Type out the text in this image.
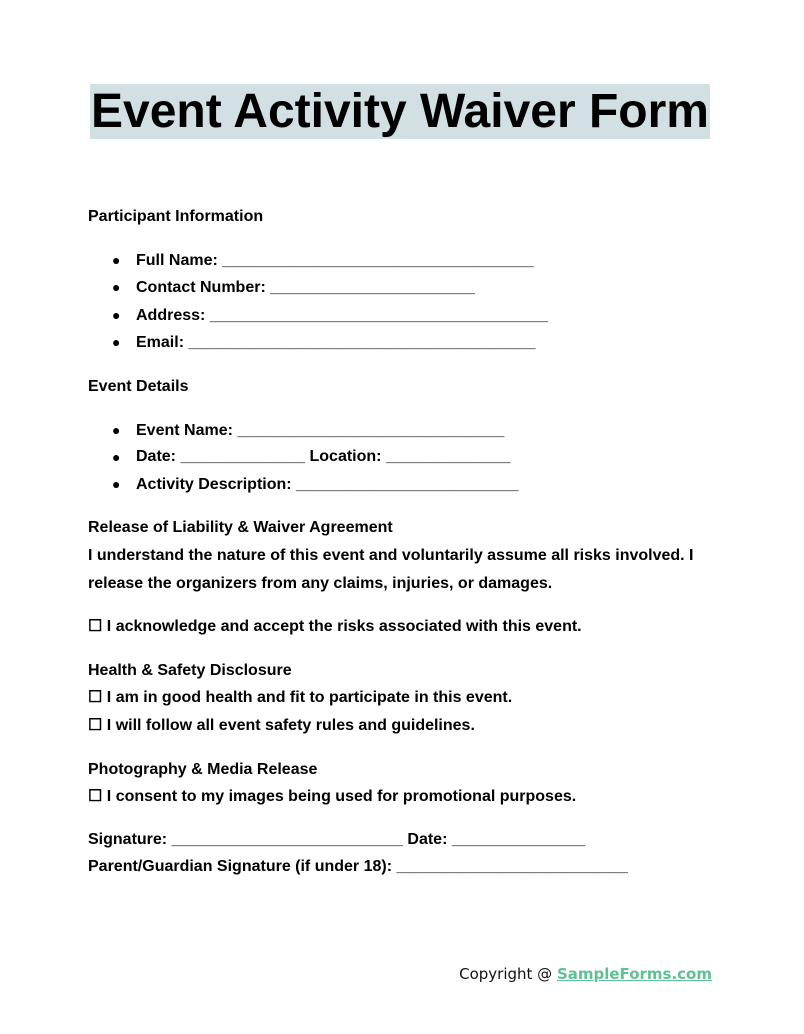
Event Activity Waiver Form
Participant Information
● Full Name: ___________________________________
● Contact Number: _______________________
● Address: ______________________________________
● Email: _______________________________________
Event Details
● Event Name: ______________________________
● Date: ______________ Location: ______________
● Activity Description: _________________________
Release of Liability & Waiver Agreement
I understand the nature of this event and voluntarily assume all risks involved. I
release the organizers from any claims, injuries, or damages.
☐ I acknowledge and accept the risks associated with this event.
Health & Safety Disclosure
☐ I am in good health and fit to participate in this event.
☐ I will follow all event safety rules and guidelines.
Photography & Media Release
☐ I consent to my images being used for promotional purposes.
Signature: __________________________ Date: _______________
Parent/Guardian Signature (if under 18): __________________________
Copyright @ SampleForms.com
